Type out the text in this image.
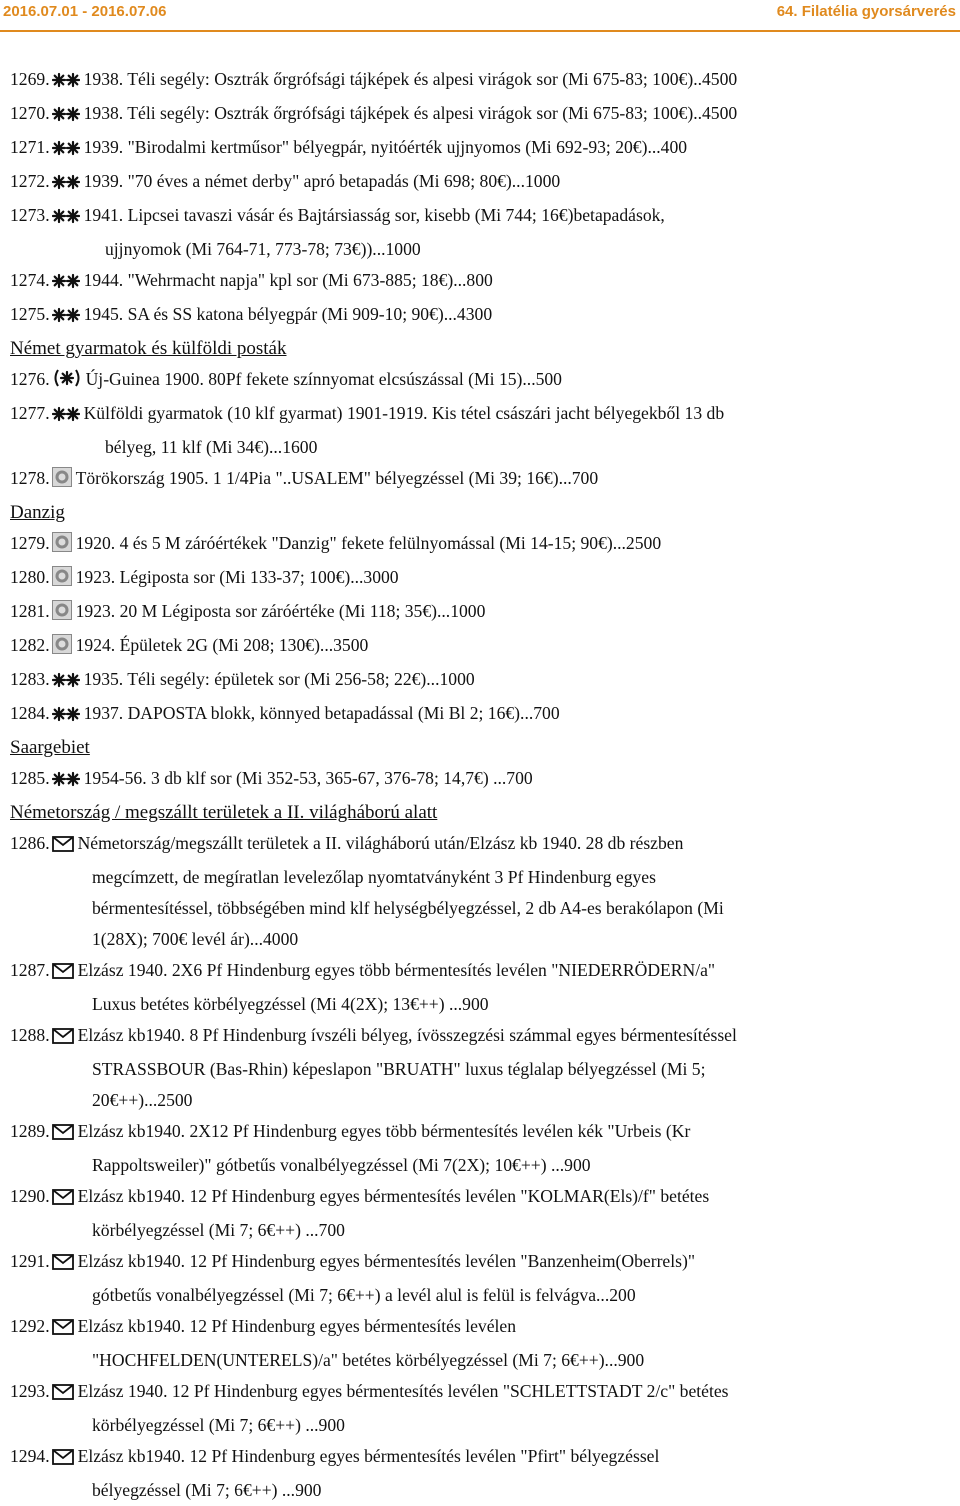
2016.07.01 - 2016.07.06	64. Filatélia gyorsárverés
1269. 1938. Téli segély: Osztrák őrgrófsági tájképek és alpesi virágok sor (Mi 675-83; 100€)..4500
1270. 1938. Téli segély: Osztrák őrgrófsági tájképek és alpesi virágok sor (Mi 675-83; 100€)..4500
1271. 1939. "Birodalmi kertműsor" bélyegpár, nyitóérték ujjnyomos (Mi 692-93; 20€)...400
1272. 1939. "70 éves a német derby" apró betapadás (Mi 698; 80€)...1000
1273. 1941. Lipcsei tavaszi vásár és Bajtársiasság sor, kisebb (Mi 744; 16€)betapadások,
ujjnyomok (Mi 764-71, 773-78; 73€))...1000
1274. 1944. "Wehrmacht napja" kpl sor (Mi 673-885; 18€)...800
1275. 1945. SA és SS katona bélyegpár (Mi 909-10; 90€)...4300
Német gyarmatok és külföldi posták
1276. Új-Guinea 1900. 80Pf fekete színnyomat elcsúszással (Mi 15)...500
1277. Külföldi gyarmatok (10 klf gyarmat) 1901-1919. Kis tétel császári jacht bélyegekből 13 db
bélyeg, 11 klf (Mi 34€)...1600
1278. Törökország 1905. 1 1/4Pia "..USALEM" bélyegzéssel (Mi 39; 16€)...700
Danzig
1279. 1920. 4 és 5 M záróértékek "Danzig" fekete felülnyomással (Mi 14-15; 90€)...2500
1280. 1923. Légiposta sor (Mi 133-37; 100€)...3000
1281. 1923. 20 M Légiposta sor záróértéke (Mi 118; 35€)...1000
1282. 1924. Épületek 2G (Mi 208; 130€)...3500
1283. 1935. Téli segély: épületek sor (Mi 256-58; 22€)...1000
1284. 1937. DAPOSTA blokk, könnyed betapadással (Mi Bl 2; 16€)...700
Saargebiet
1285. 1954-56. 3 db klf sor (Mi 352-53, 365-67, 376-78; 14,7€) ...700
Németország / megszállt területek a II. világháború alatt
1286. Németország/megszállt területek a II. világháború után/Elzász kb 1940. 28 db részben
megcímzett, de megíratlan levelezőlap nyomtatványként 3 Pf Hindenburg egyes
bérmentesítéssel, többségében mind klf helységbélyegzéssel, 2 db A4-es berakólapon (Mi
1(28X); 700€ levél ár)...4000
1287. Elzász 1940. 2X6 Pf Hindenburg egyes több bérmentesítés levélen "NIEDERRÖDERN/a"
Luxus betétes körbélyegzéssel (Mi 4(2X); 13€++) ...900
1288. Elzász kb1940. 8 Pf Hindenburg ívszéli bélyeg, ívösszegzési számmal egyes bérmentesítéssel
STRASSBOUR (Bas-Rhin) képeslapon "BRUATH" luxus téglalap bélyegzéssel (Mi 5;
20€++)...2500
1289. Elzász kb1940. 2X12 Pf Hindenburg egyes több bérmentesítés levélen kék "Urbeis (Kr
Rappoltsweiler)" gótbetűs vonalbélyegzéssel (Mi 7(2X); 10€++) ...900
1290. Elzász kb1940. 12 Pf Hindenburg egyes bérmentesítés levélen "KOLMAR(Els)/f" betétes
körbélyegzéssel (Mi 7; 6€++) ...700
1291. Elzász kb1940. 12 Pf Hindenburg egyes bérmentesítés levélen "Banzenheim(Oberrels)"
gótbetűs vonalbélyegzéssel (Mi 7; 6€++) a levél alul is felül is felvágva...200
1292. Elzász kb1940. 12 Pf Hindenburg egyes bérmentesítés levélen
"HOCHFELDEN(UNTERELS)/a" betétes körbélyegzéssel (Mi 7; 6€++)...900
1293. Elzász 1940. 12 Pf Hindenburg egyes bérmentesítés levélen "SCHLETTSTADT 2/c" betétes
körbélyegzéssel (Mi 7; 6€++) ...900
1294. Elzász kb1940. 12 Pf Hindenburg egyes bérmentesítés levélen "Pfirt" bélyegzéssel
bélyegzéssel (Mi 7; 6€++) ...900
